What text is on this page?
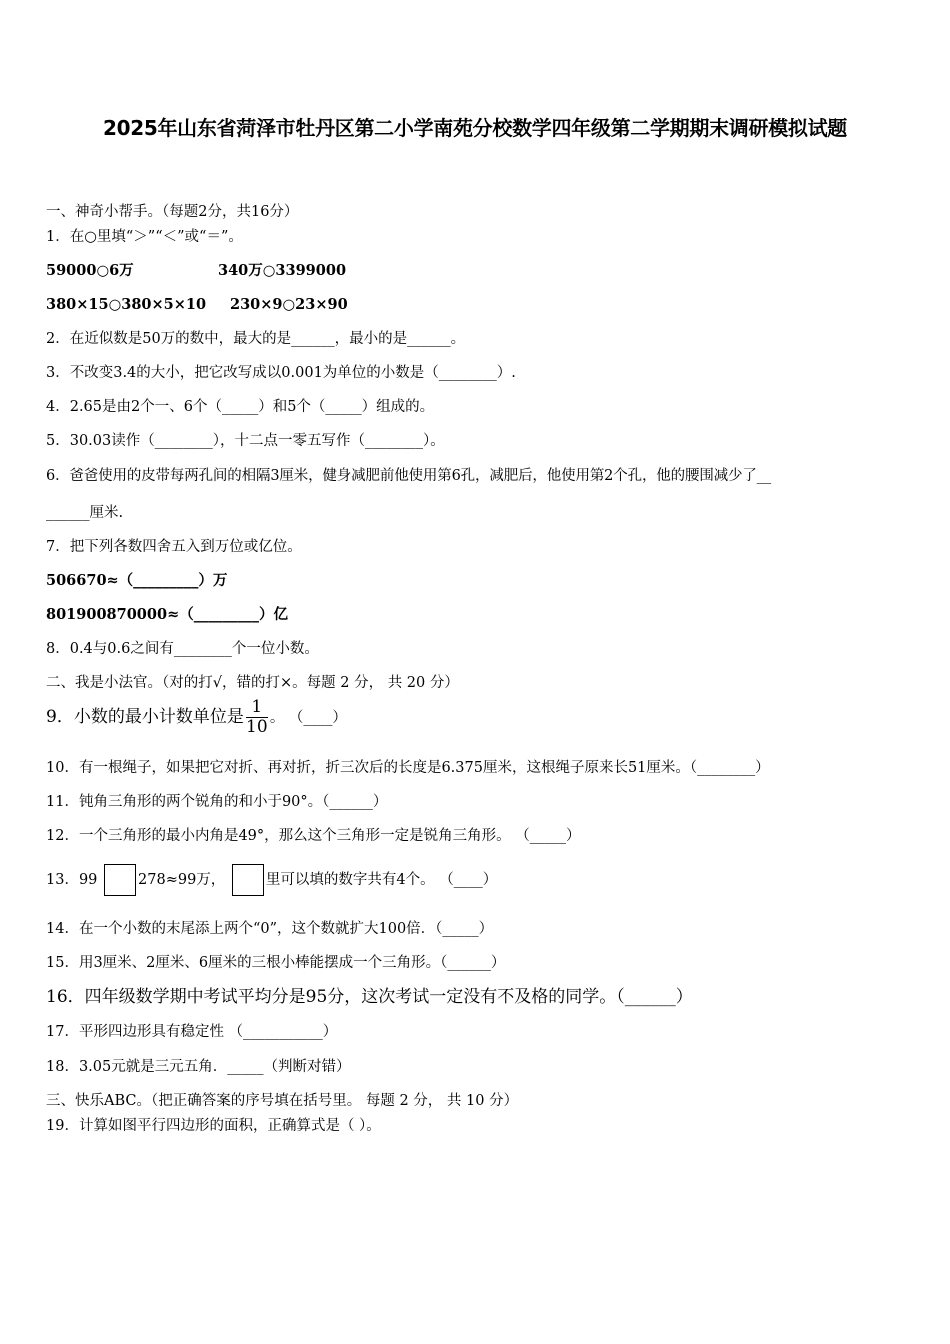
2025年山东省菏泽市牡丹区第二小学南苑分校数学四年级第二学期期末调研模拟试题
一、神奇小帮手。（每题2分，共16分）
1．在○里填“＞”“＜”或“＝”。
59000○6万	340万○3399000
380×15○380×5×10 230×9○23×90
2．在近似数是50万的数中，最大的是______，最小的是______。
3．不改变3.4的大小，把它改写成以0.001为单位的小数是（________）.
4．2.65是由2个一、6个（_____）和5个（_____）组成的。
5．30.03读作（________），十二点一零五写作（________）。
6．爸爸使用的皮带每两孔间的相隔3厘米，健身减肥前他使用第6孔，减肥后，他使用第2个孔，他的腰围减少了__
______厘米.
7．把下列各数四舍五入到万位或亿位。
506670≈（_________）万
801900870000≈（_________）亿
8．0.4与0.6之间有________个一位小数。
二、我是小法官。（对的打√，错的打×。每题 2 分， 共 20 分）
9．小数的最小计数单位是 $\frac{1}{10}$ 。 （____）
10．有一根绳子，如果把它对折、再对折，折三次后的长度是6.375厘米，这根绳子原来长51厘米。（________）
11．钝角三角形的两个锐角的和小于90°。（______）
12．一个三角形的最小内角是49°，那么这个三角形一定是锐角三角形。 （_____）
13．99	278≈99万，	里可以填的数字共有4个。 （____）
14．在一个小数的末尾添上两个“0”，这个数就扩大100倍．（_____）
15．用3厘米、2厘米、6厘米的三根小棒能摆成一个三角形。（______）
16．四年级数学期中考试平均分是95分，这次考试一定没有不及格的同学。（______）
17．平形四边形具有稳定性 （___________）
18．3.05元就是三元五角．_____（判断对错）
三、快乐ABC。（把正确答案的序号填在括号里。 每题 2 分， 共 10 分）
19．计算如图平行四边形的面积，正确算式是（ ）。
